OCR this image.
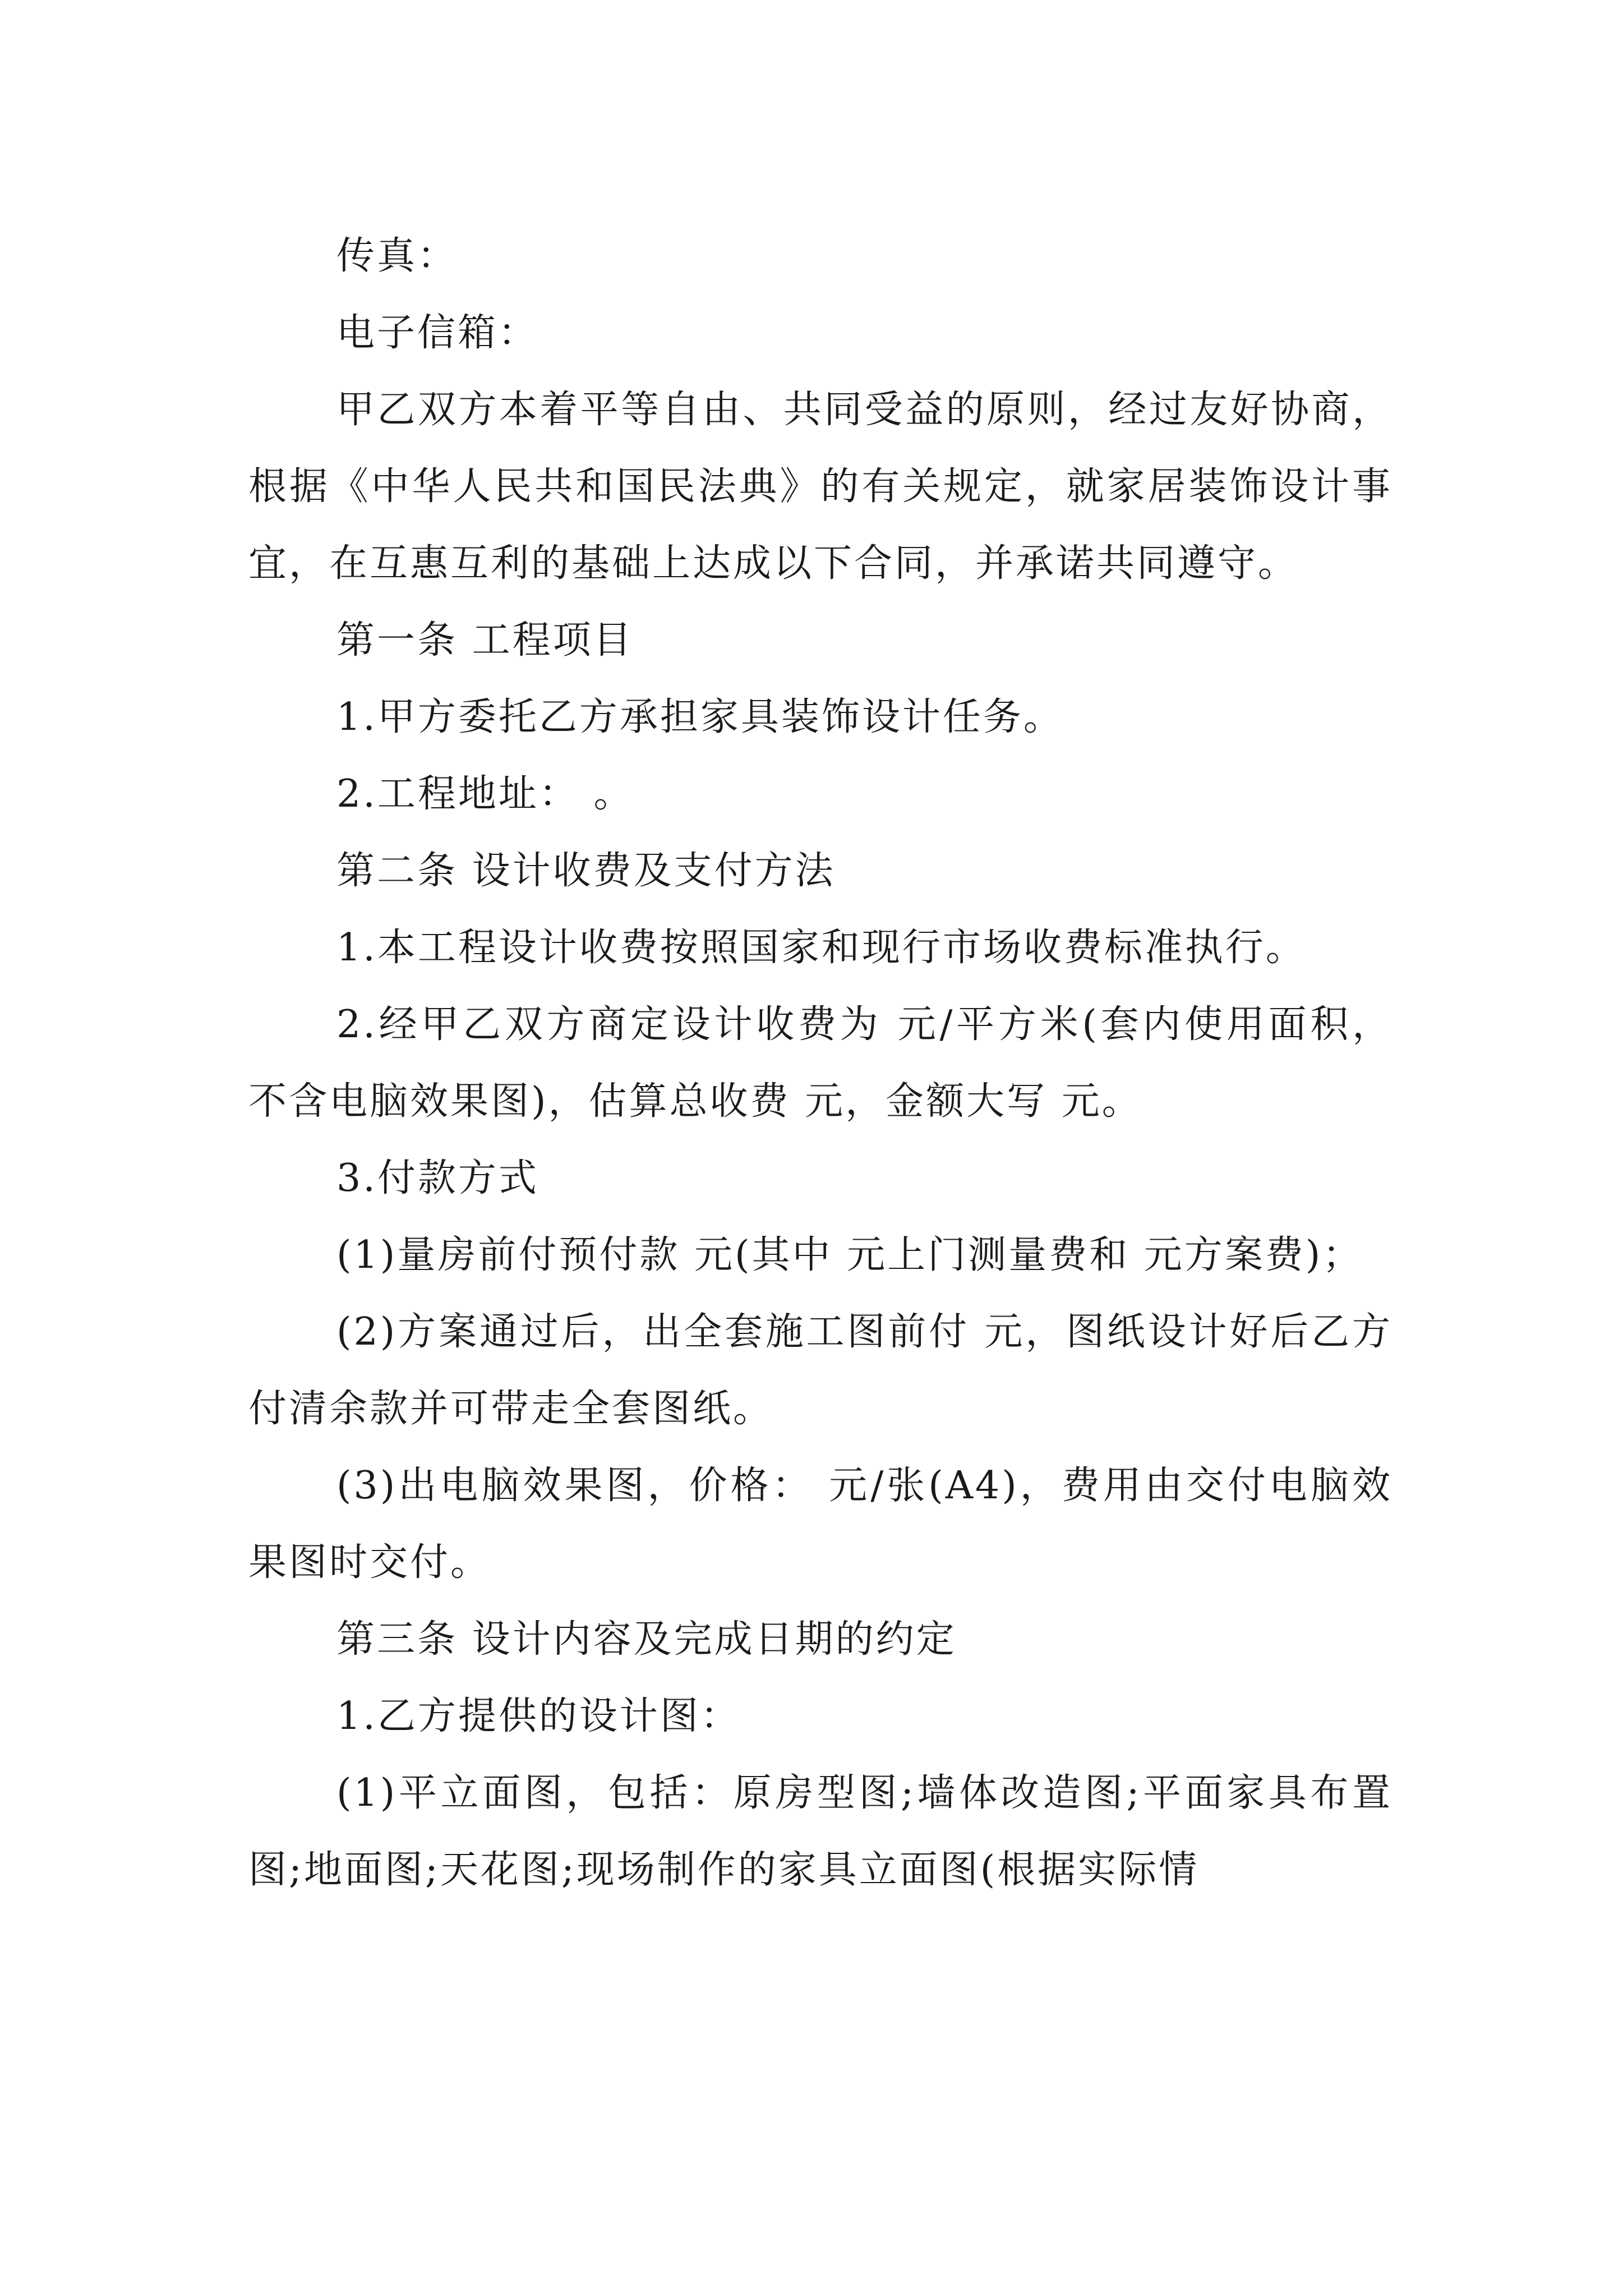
传真：

电子信箱：

甲乙双方本着平等自由、共同受益的原则，经过友好协商，根据《中华人民共和国民法典》的有关规定，就家居装饰设计事宜，在互惠互利的基础上达成以下合同，并承诺共同遵守。

第一条 工程项目

1.甲方委托乙方承担家具装饰设计任务。

2.工程地址： 。

第二条 设计收费及支付方法

1.本工程设计收费按照国家和现行市场收费标准执行。

2.经甲乙双方商定设计收费为 元/平方米(套内使用面积，不含电脑效果图)，估算总收费 元，金额大写 元。

3.付款方式

(1)量房前付预付款 元(其中 元上门测量费和 元方案费)；

(2)方案通过后，出全套施工图前付 元，图纸设计好后乙方付清余款并可带走全套图纸。

(3)出电脑效果图，价格： 元/张(A4)，费用由交付电脑效果图时交付。

第三条 设计内容及完成日期的约定

1.乙方提供的设计图：

(1)平立面图，包括：原房型图;墙体改造图;平面家具布置图;地面图;天花图;现场制作的家具立面图(根据实际情
